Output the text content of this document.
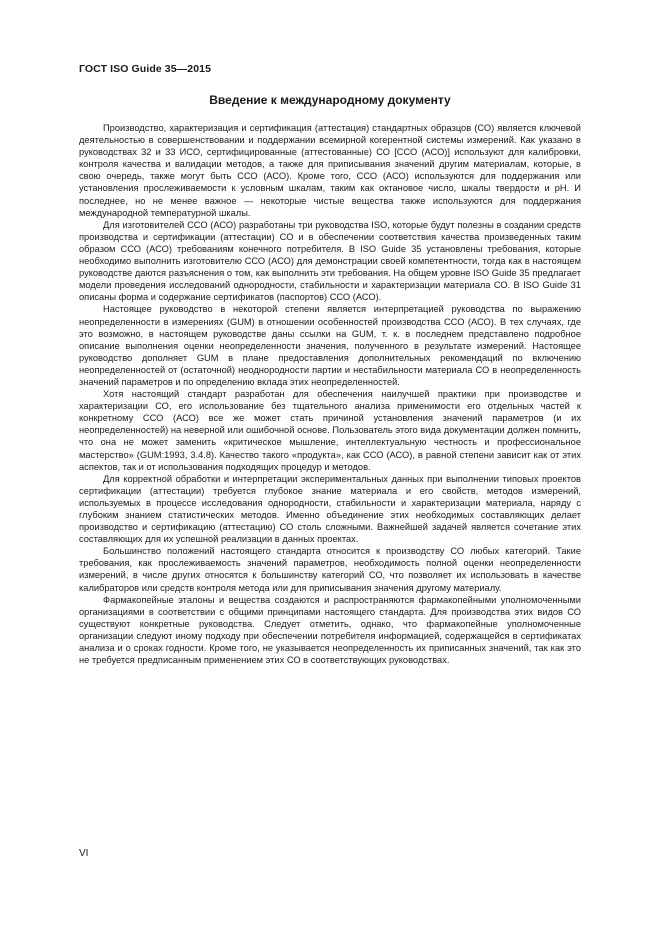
ГОСТ ISO Guide 35—2015
Введение к международному документу

Производство, характеризация и сертификация (аттестация) стандартных образцов (СО) является ключевой деятельностью в совершенствовании и поддержании всемирной когерентной системы измерений. Как указано в руководствах 32 и 33 ИСО, сертифицированные (аттестованные) СО [ССО (АСО)] используют для калибровки, контроля качества и валидации методов, а также для приписывания значений другим материалам, которые, в свою очередь, также могут быть ССО (АСО). Кроме того, ССО (АСО) используются для поддержания или установления прослеживаемости к условным шкалам, таким как октановое число, шкалы твердости и pH. И последнее, но не менее важное — некоторые чистые вещества также используются для поддержания международной температурной шкалы.

Для изготовителей ССО (АСО) разработаны три руководства ISO, которые будут полезны в создании средств производства и сертификации (аттестации) СО и в обеспечении соответствия качества произведенных таким образом ССО (АСО) требованиям конечного потребителя. В ISO Guide 35 установлены требования, которые необходимо выполнить изготовителю ССО (АСО) для демонстрации своей компетентности, тогда как в настоящем руководстве даются разъяснения о том, как выполнить эти требования. На общем уровне ISO Guide 35 предлагает модели проведения исследований однородности, стабильности и характеризации материала СО. В ISO Guide 31 описаны форма и содержание сертификатов (паспортов) ССО (АСО).

Настоящее руководство в некоторой степени является интерпретацией руководства по выражению неопределенности в измерениях (GUM) в отношении особенностей производства ССО (АСО). В тех случаях, где это возможно, в настоящем руководстве даны ссылки на GUM, т. к. в последнем представлено подробное описание выполнения оценки неопределенности значения, полученного в результате измерений. Настоящее руководство дополняет GUM в плане предоставления дополнительных рекомендаций по включению неопределенностей от (остаточной) неоднородности партии и нестабильности материала СО в неопределенность значений параметров и по определению вклада этих неопределенностей.

Хотя настоящий стандарт разработан для обеспечения наилучшей практики при производстве и характеризации СО, его использование без тщательного анализа применимости его отдельных частей к конкретному ССО (АСО) все же может стать причиной установления значений параметров (и их неопределенностей) на неверной или ошибочной основе. Пользователь этого вида документации должен помнить, что она не может заменить «критическое мышление, интеллектуальную честность и профессиональное мастерство» (GUM:1993, 3.4.8). Качество такого «продукта», как ССО (АСО), в равной степени зависит как от этих аспектов, так и от использования подходящих процедур и методов.

Для корректной обработки и интерпретации экспериментальных данных при выполнении типовых проектов сертификации (аттестации) требуется глубокое знание материала и его свойств, методов измерений, используемых в процессе исследования однородности, стабильности и характеризации материала, наряду с глубоким знанием статистических методов. Именно объединение этих необходимых составляющих делает производство и сертификацию (аттестацию) СО столь сложными. Важнейшей задачей является сочетание этих составляющих для их успешной реализации в данных проектах.

Большинство положений настоящего стандарта относится к производству СО любых категорий. Такие требования, как прослеживаемость значений параметров, необходимость полной оценки неопределенности измерений, в числе других относятся к большинству категорий СО, что позволяет их использовать в качестве калибраторов или средств контроля метода или для приписывания значения другому материалу.

Фармакопейные эталоны и вещества создаются и распространяются фармакопейными уполномоченными организациями в соответствии с общими принципами настоящего стандарта. Для производства этих видов СО существуют конкретные руководства. Следует отметить, однако, что фармакопейные уполномоченные организации следуют иному подходу при обеспечении потребителя информацией, содержащейся в сертификатах анализа и о сроках годности. Кроме того, не указывается неопределенность их приписанных значений, так как это не требуется предписанным применением этих СО в соответствующих руководствах.

VI
